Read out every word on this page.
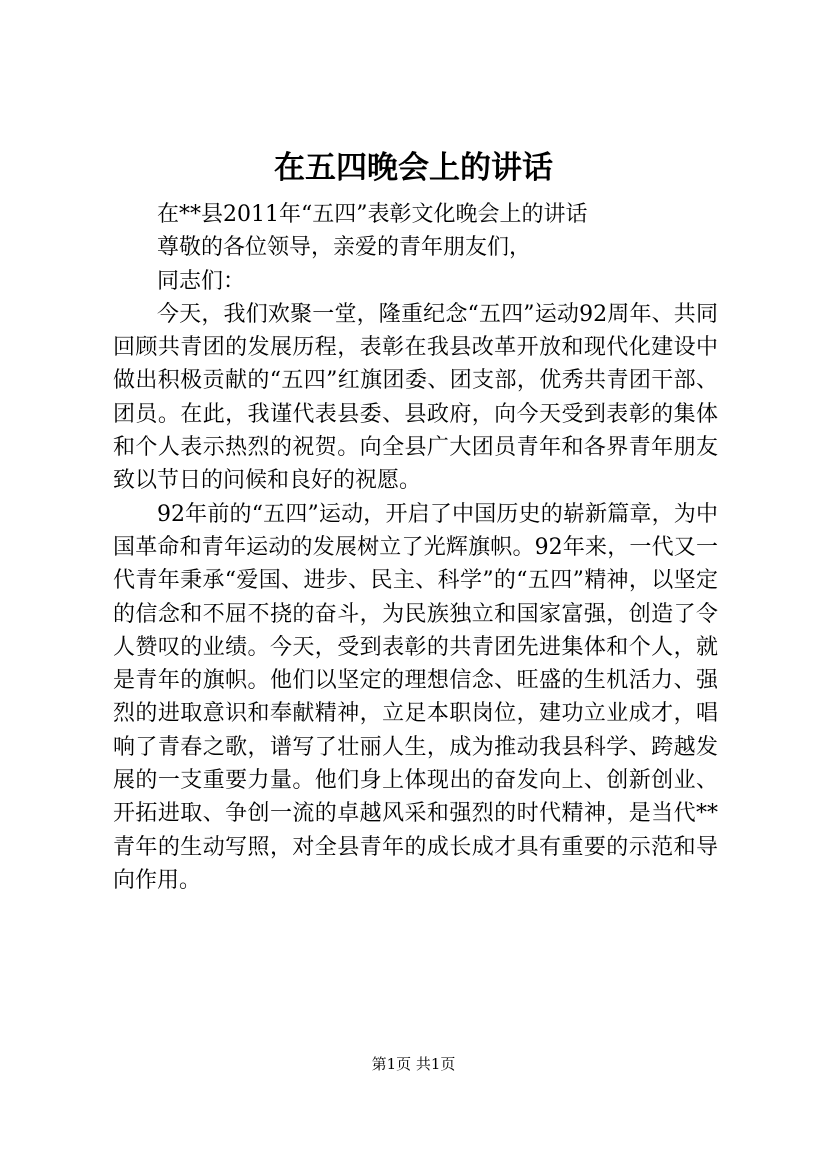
在五四晚会上的讲话

在**县2011年“五四”表彰文化晚会上的讲话

尊敬的各位领导，亲爱的青年朋友们，

同志们：

今天，我们欢聚一堂，隆重纪念“五四”运动92周年、共同回顾共青团的发展历程，表彰在我县改革开放和现代化建设中做出积极贡献的“五四”红旗团委、团支部，优秀共青团干部、团员。在此，我谨代表县委、县政府，向今天受到表彰的集体和个人表示热烈的祝贺。向全县广大团员青年和各界青年朋友致以节日的问候和良好的祝愿。

92年前的“五四”运动，开启了中国历史的崭新篇章，为中国革命和青年运动的发展树立了光辉旗帜。92年来，一代又一代青年秉承“爱国、进步、民主、科学”的“五四”精神，以坚定的信念和不屈不挠的奋斗，为民族独立和国家富强，创造了令人赞叹的业绩。今天，受到表彰的共青团先进集体和个人，就是青年的旗帜。他们以坚定的理想信念、旺盛的生机活力、强烈的进取意识和奉献精神，立足本职岗位，建功立业成才，唱响了青春之歌，谱写了壮丽人生，成为推动我县科学、跨越发展的一支重要力量。他们身上体现出的奋发向上、创新创业、开拓进取、争创一流的卓越风采和强烈的时代精神，是当代**青年的生动写照，对全县青年的成长成才具有重要的示范和导向作用。

第1页 共1页
